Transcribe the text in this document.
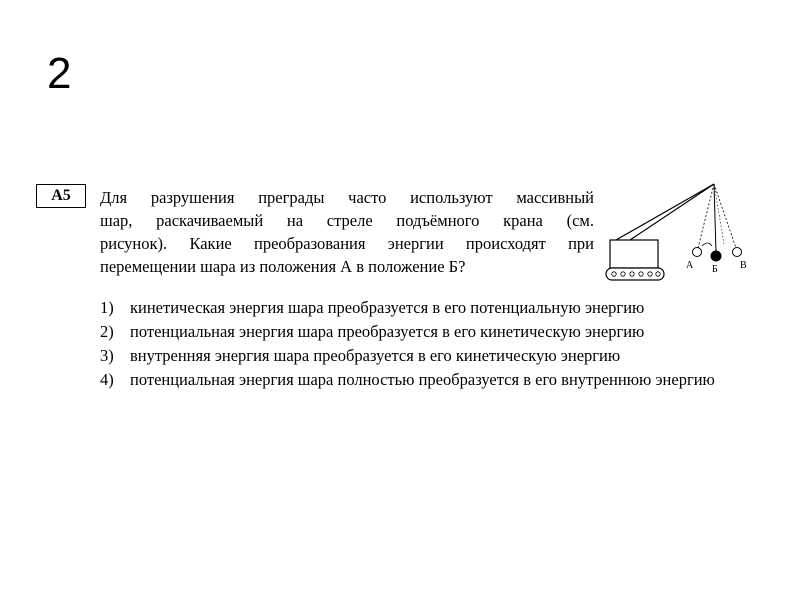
2
А5	Для разрушения преграды часто используют массивный
шар, раскачиваемый на стреле подъёмного крана (см.
рисунок). Какие преобразования энергии происходят при
перемещении шара из положения А в положение Б?	А Б В
1) кинетическая энергия шара преобразуется в его потенциальную энергию
2) потенциальная энергия шара преобразуется в его кинетическую энергию
3) внутренняя энергия шара преобразуется в его кинетическую энергию
4) потенциальная энергия шара полностью преобразуется в его внутреннюю энергию
